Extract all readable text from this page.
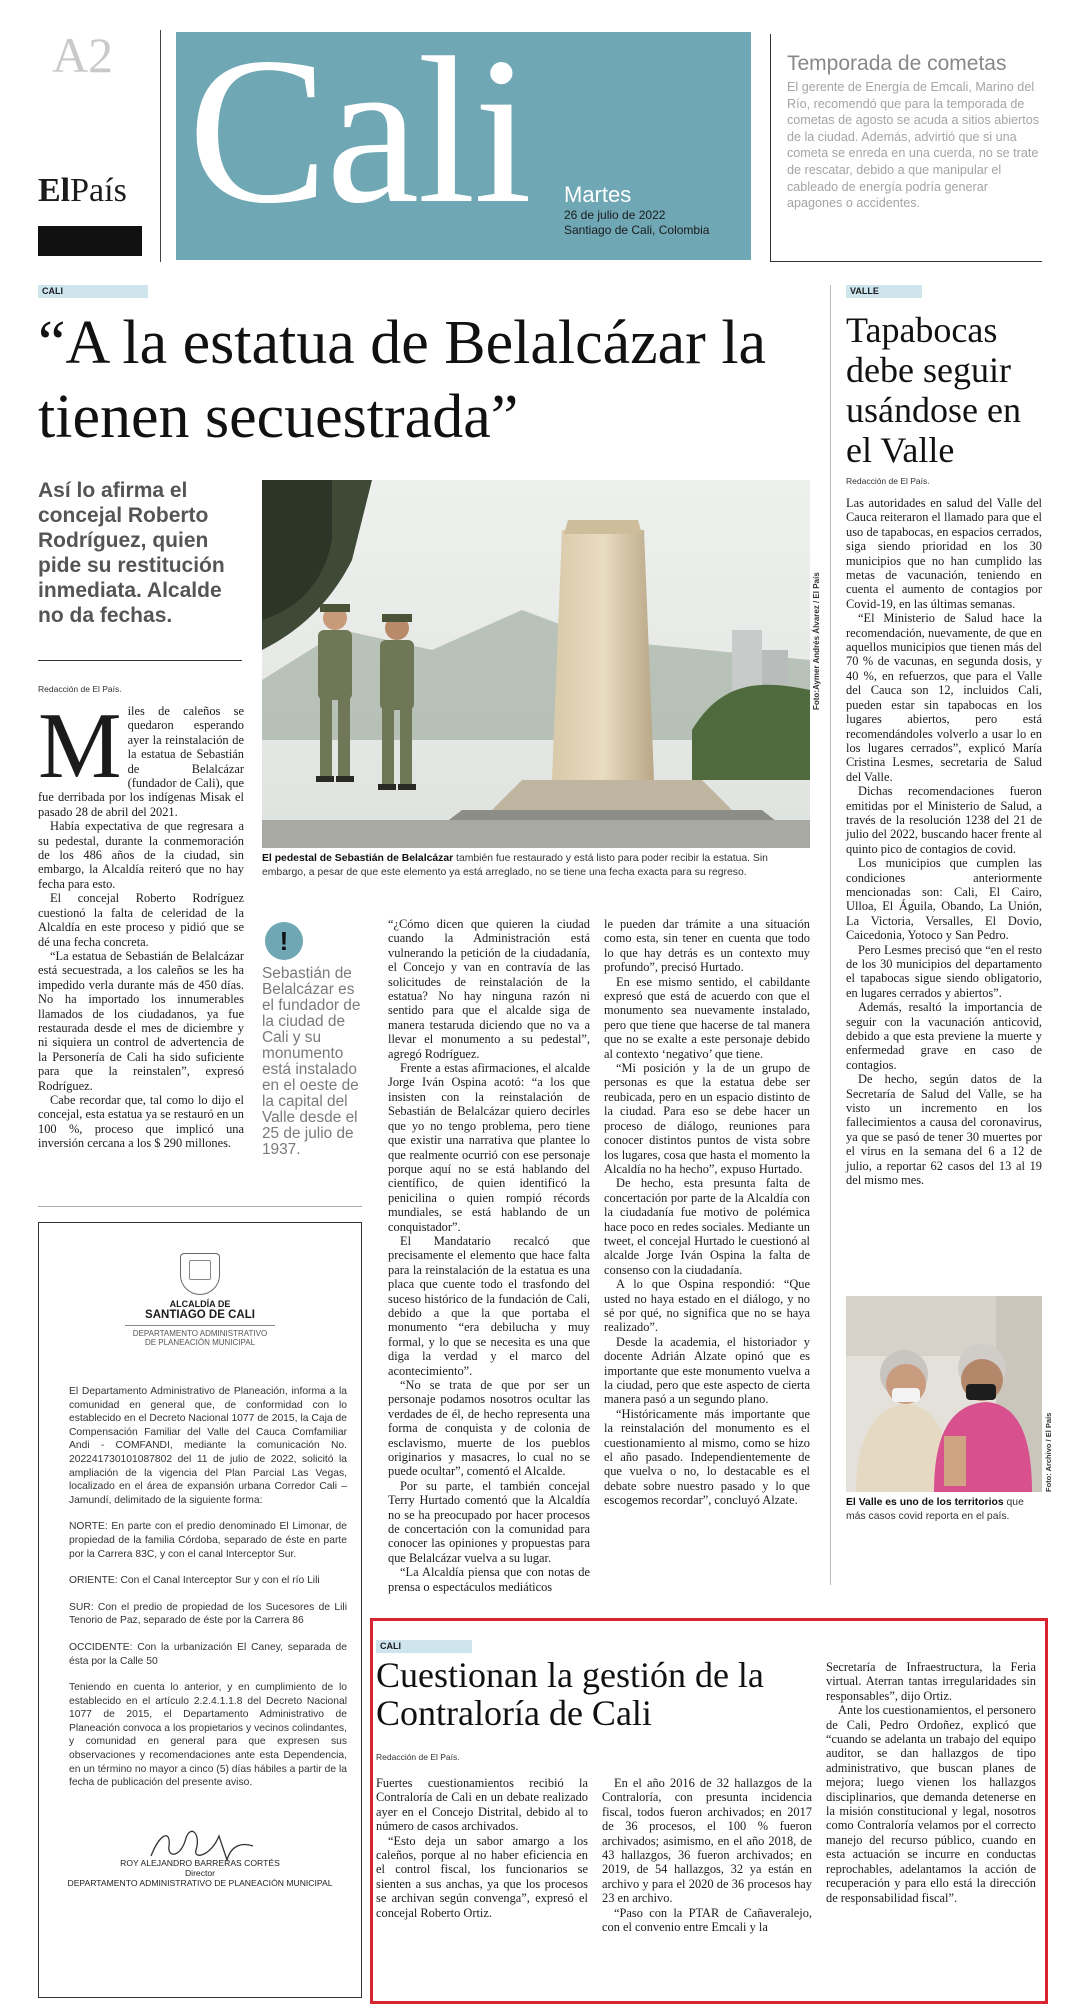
A2
ElPaís Cali Martes
26 de julio de 2022
Santiago de Cali, Colombia
Temporada de cometas
El gerente de Energía de Emcali, Marino del Río, recomendó que para la temporada de cometas de agosto se acuda a sitios abiertos de la ciudad. Además, advirtió que si una cometa se enreda en una cuerda, no se trate de rescatar, debido a que manipular el cableado de energía podría generar apagones o accidentes.
CALI
“A la estatua de Belalcázar la tienen secuestrada”
Así lo afirma el concejal Roberto Rodríguez, quien pide su restitución inmediata. Alcalde no da fechas.
Redacción de El País.

Miles de caleños se quedaron esperando ayer la reinstalación de la estatua de Sebastián de Belalcázar (fundador de Cali), que fue derribada por los indígenas Misak el pasado 28 de abril del 2021.

Había expectativa de que regresara a su pedestal, durante la conmemoración de los 486 años de la ciudad, sin embargo, la Alcaldía reiteró que no hay fecha para esto.

El concejal Roberto Rodríguez cuestionó la falta de celeridad de la Alcaldía en este proceso y pidió que se dé una fecha concreta.

“La estatua de Sebastián de Belalcázar está secuestrada, a los caleños se les ha impedido verla durante más de 450 días. No ha importado los innumerables llamados de los ciudadanos, ya fue restaurada desde el mes de diciembre y ni siquiera un control de advertencia de la Personería de Cali ha sido suficiente para que la reinstalen”, expresó Rodríguez.

Cabe recordar que, tal como lo dijo el concejal, esta estatua ya se restauró en un 100 %, proceso que implicó una inversión cercana a los $ 290 millones.

Foto:Aymer Andrés Álvarez / El País
El pedestal de Sebastián de Belalcázar también fue restaurado y está listo para poder recibir la estatua. Sin embargo, a pesar de que este elemento ya está arreglado, no se tiene una fecha exacta para su regreso.
!
Sebastián de Belalcázar es el fundador de la ciudad de Cali y su monumento está instalado en el oeste de la capital del Valle desde el 25 de julio de 1937.

“¿Cómo dicen que quieren la ciudad cuando la Administración está vulnerando la petición de la ciudadanía, el Concejo y van en contravía de las solicitudes de reinstalación de la estatua? No hay ninguna razón ni sentido para que el alcalde siga de manera testaruda diciendo que no va a llevar el monumento a su pedestal”, agregó Rodríguez.

Frente a estas afirmaciones, el alcalde Jorge Iván Ospina acotó: “a los que insisten con la reinstalación de Sebastián de Belalcázar quiero decirles que yo no tengo problema, pero tiene que existir una narrativa que plantee lo que realmente ocurrió con ese personaje porque aquí no se está hablando del científico, de quien identificó la penicilina o quien rompió récords mundiales, se está hablando de un conquistador”.

El Mandatario recalcó que precisamente el elemento que hace falta para la reinstalación de la estatua es una placa que cuente todo el trasfondo del suceso histórico de la fundación de Cali, debido a que la que portaba el monumento “era debilucha y muy formal, y lo que se necesita es una que diga la verdad y el marco del acontecimiento”.

“No se trata de que por ser un personaje podamos nosotros ocultar las verdades de él, de hecho representa una forma de conquista y de colonia de esclavismo, muerte de los pueblos originarios y masacres, lo cual no se puede ocultar”, comentó el Alcalde.

Por su parte, el también concejal Terry Hurtado comentó que la Alcaldía no se ha preocupado por hacer procesos de concertación con la comunidad para conocer las opiniones y propuestas para que Belalcázar vuelva a su lugar.

“La Alcaldía piensa que con notas de prensa o espectáculos mediáticos

le pueden dar trámite a una situación como esta, sin tener en cuenta que todo lo que hay detrás es un contexto muy profundo”, precisó Hurtado.

En ese mismo sentido, el cabildante expresó que está de acuerdo con que el monumento sea nuevamente instalado, pero que tiene que hacerse de tal manera que no se exalte a este personaje debido al contexto ‘negativo’ que tiene.

“Mi posición y la de un grupo de personas es que la estatua debe ser reubicada, pero en un espacio distinto de la ciudad. Para eso se debe hacer un proceso de diálogo, reuniones para conocer distintos puntos de vista sobre los lugares, cosa que hasta el momento la Alcaldía no ha hecho”, expuso Hurtado.

De hecho, esta presunta falta de concertación por parte de la Alcaldía con la ciudadanía fue motivo de polémica hace poco en redes sociales. Mediante un tweet, el concejal Hurtado le cuestionó al alcalde Jorge Iván Ospina la falta de consenso con la ciudadanía.

A lo que Ospina respondió: “Que usted no haya estado en el diálogo, y no sé por qué, no significa que no se haya realizado”.

Desde la academia, el historiador y docente Adrián Alzate opinó que es importante que este monumento vuelva a la ciudad, pero que este aspecto de cierta manera pasó a un segundo plano.

“Históricamente más importante que la reinstalación del monumento es el cuestionamiento al mismo, como se hizo el año pasado. Independientemente de que vuelva o no, lo destacable es el debate sobre nuestro pasado y lo que escogemos recordar”, concluyó Alzate.

VALLE
Tapabocas debe seguir usándose en el Valle
Redacción de El País.

Las autoridades en salud del Valle del Cauca reiteraron el llamado para que el uso de tapabocas, en espacios cerrados, siga siendo prioridad en los 30 municipios que no han cumplido las metas de vacunación, teniendo en cuenta el aumento de contagios por Covid-19, en las últimas semanas.

“El Ministerio de Salud hace la recomendación, nuevamente, de que en aquellos municipios que tienen más del 70 % de vacunas, en segunda dosis, y 40 %, en refuerzos, que para el Valle del Cauca son 12, incluidos Cali, pueden estar sin tapabocas en los lugares abiertos, pero está recomendándoles volverlo a usar lo en los lugares cerrados”, explicó María Cristina Lesmes, secretaria de Salud del Valle.

Dichas recomendaciones fueron emitidas por el Ministerio de Salud, a través de la resolución 1238 del 21 de julio del 2022, buscando hacer frente al quinto pico de contagios de covid.

Los municipios que cumplen las condiciones anteriormente mencionadas son: Cali, El Cairo, Ulloa, El Águila, Obando, La Unión, La Victoria, Versalles, El Dovio, Caicedonia, Yotoco y San Pedro.

Pero Lesmes precisó que “en el resto de los 30 municipios del departamento el tapabocas sigue siendo obligatorio, en lugares cerrados y abiertos”.

Además, resaltó la importancia de seguir con la vacunación anticovid, debido a que esta previene la muerte y enfermedad grave en caso de contagios.

De hecho, según datos de la Secretaría de Salud del Valle, se ha visto un incremento en los fallecimientos a causa del coronavirus, ya que se pasó de tener 30 muertes por el virus en la semana del 6 a 12 de julio, a reportar 62 casos del 13 al 19 del mismo mes.

Foto: Archivo / El País
El Valle es uno de los territorios que más casos covid reporta en el país.
ALCALDÍA DE
SANTIAGO DE CALI
DEPARTAMENTO ADMINISTRATIVO
DE PLANEACIÓN MUNICIPAL

El Departamento Administrativo de Planeación, informa a la comunidad en general que, de conformidad con lo establecido en el Decreto Nacional 1077 de 2015, la Caja de Compensación Familiar del Valle del Cauca Comfamiliar Andi - COMFANDI, mediante la comunicación No. 202241730101087802 del 11 de julio de 2022, solicitó la ampliación de la vigencia del Plan Parcial Las Vegas, localizado en el área de expansión urbana Corredor Cali – Jamundí, delimitado de la siguiente forma:

NORTE: En parte con el predio denominado El Limonar, de propiedad de la familia Córdoba, separado de éste en parte por la Carrera 83C, y con el canal Interceptor Sur.

ORIENTE: Con el Canal Interceptor Sur y con el río Lili

SUR: Con el predio de propiedad de los Sucesores de Lili Tenorio de Paz, separado de éste por la Carrera 86

OCCIDENTE: Con la urbanización El Caney, separada de ésta por la Calle 50

Teniendo en cuenta lo anterior, y en cumplimiento de lo establecido en el artículo 2.2.4.1.1.8 del Decreto Nacional 1077 de 2015, el Departamento Administrativo de Planeación convoca a los propietarios y vecinos colindantes, y comunidad en general para que expresen sus observaciones y recomendaciones ante esta Dependencia, en un término no mayor a cinco (5) días hábiles a partir de la fecha de publicación del presente aviso.

ROY ALEJANDRO BARRERAS CORTÉS
Director
DEPARTAMENTO ADMINISTRATIVO DE PLANEACIÓN MUNICIPAL
CALI
Cuestionan la gestión de la Contraloría de Cali
Redacción de El País.

Fuertes cuestionamientos recibió la Contraloría de Cali en un debate realizado ayer en el Concejo Distrital, debido al to número de casos archivados.

“Esto deja un sabor amargo a los caleños, porque al no haber eficiencia en el control fiscal, los funcionarios se sienten a sus anchas, ya que los procesos se archivan según convenga”, expresó el concejal Roberto Ortiz.

En el año 2016 de 32 hallazgos de la Contraloría, con presunta incidencia fiscal, todos fueron archivados; en 2017 de 36 procesos, el 100 % fueron archivados; asimismo, en el año 2018, de 43 hallazgos, 36 fueron archivados; en 2019, de 54 hallazgos, 32 ya están en archivo y para el 2020 de 36 procesos hay 23 en archivo.

“Paso con la PTAR de Cañaveralejo, con el convenio entre Emcali y la

Secretaría de Infraestructura, la Feria virtual. Aterran tantas irregularidades sin responsables”, dijo Ortiz.

Ante los cuestionamientos, el personero de Cali, Pedro Ordoñez, explicó que “cuando se adelanta un trabajo del equipo auditor, se dan hallazgos de tipo administrativo, que buscan planes de mejora; luego vienen los hallazgos disciplinarios, que demanda detenerse en la misión constitucional y legal, nosotros como Contraloría velamos por el correcto manejo del recurso público, cuando en esta actuación se incurre en conductas reprochables, adelantamos la acción de recuperación y para ello está la dirección de responsabilidad fiscal”.
